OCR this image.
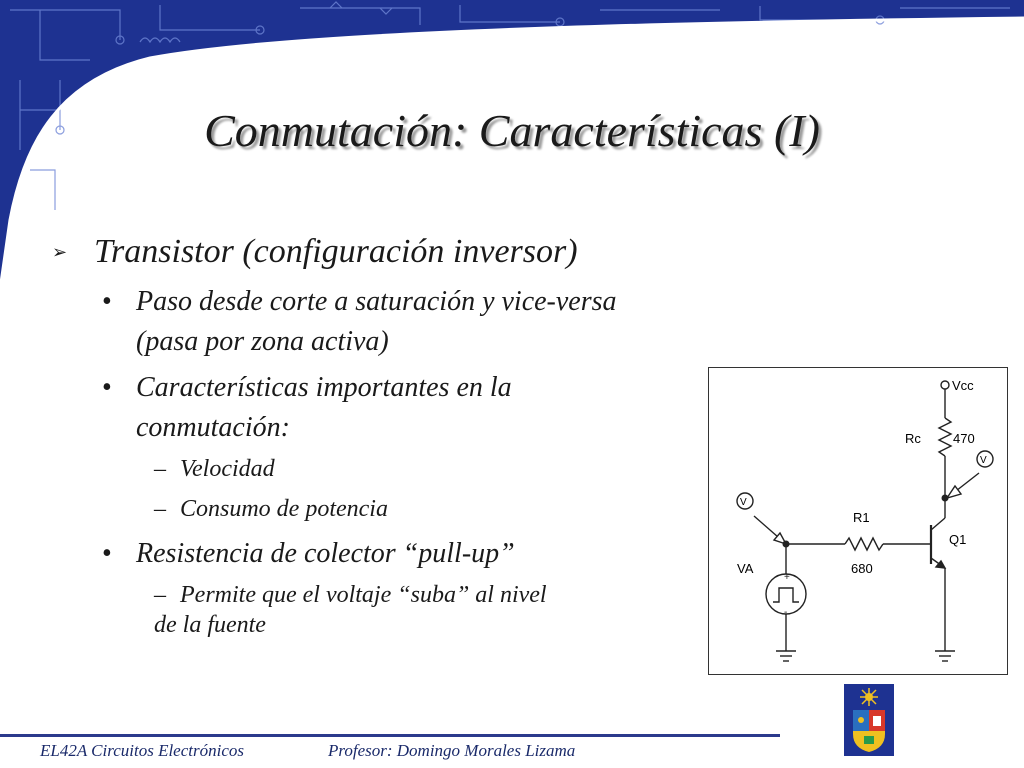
Conmutación: Características (I)
➢ Transistor (configuración inversor)
• Paso desde corte a saturación y vice-versa
(pasa por zona activa)
• Características importantes en la
conmutación:
– Velocidad
– Consumo de potencia
• Resistencia de colector “pull-up”
– Permite que el voltaje “suba” al nivel
de la fuente
+
-
Vcc
Rc 470
V
V
R1
680
Q1
VA
EL42A Circuitos Electrónicos	Profesor: Domingo Morales Lizama
